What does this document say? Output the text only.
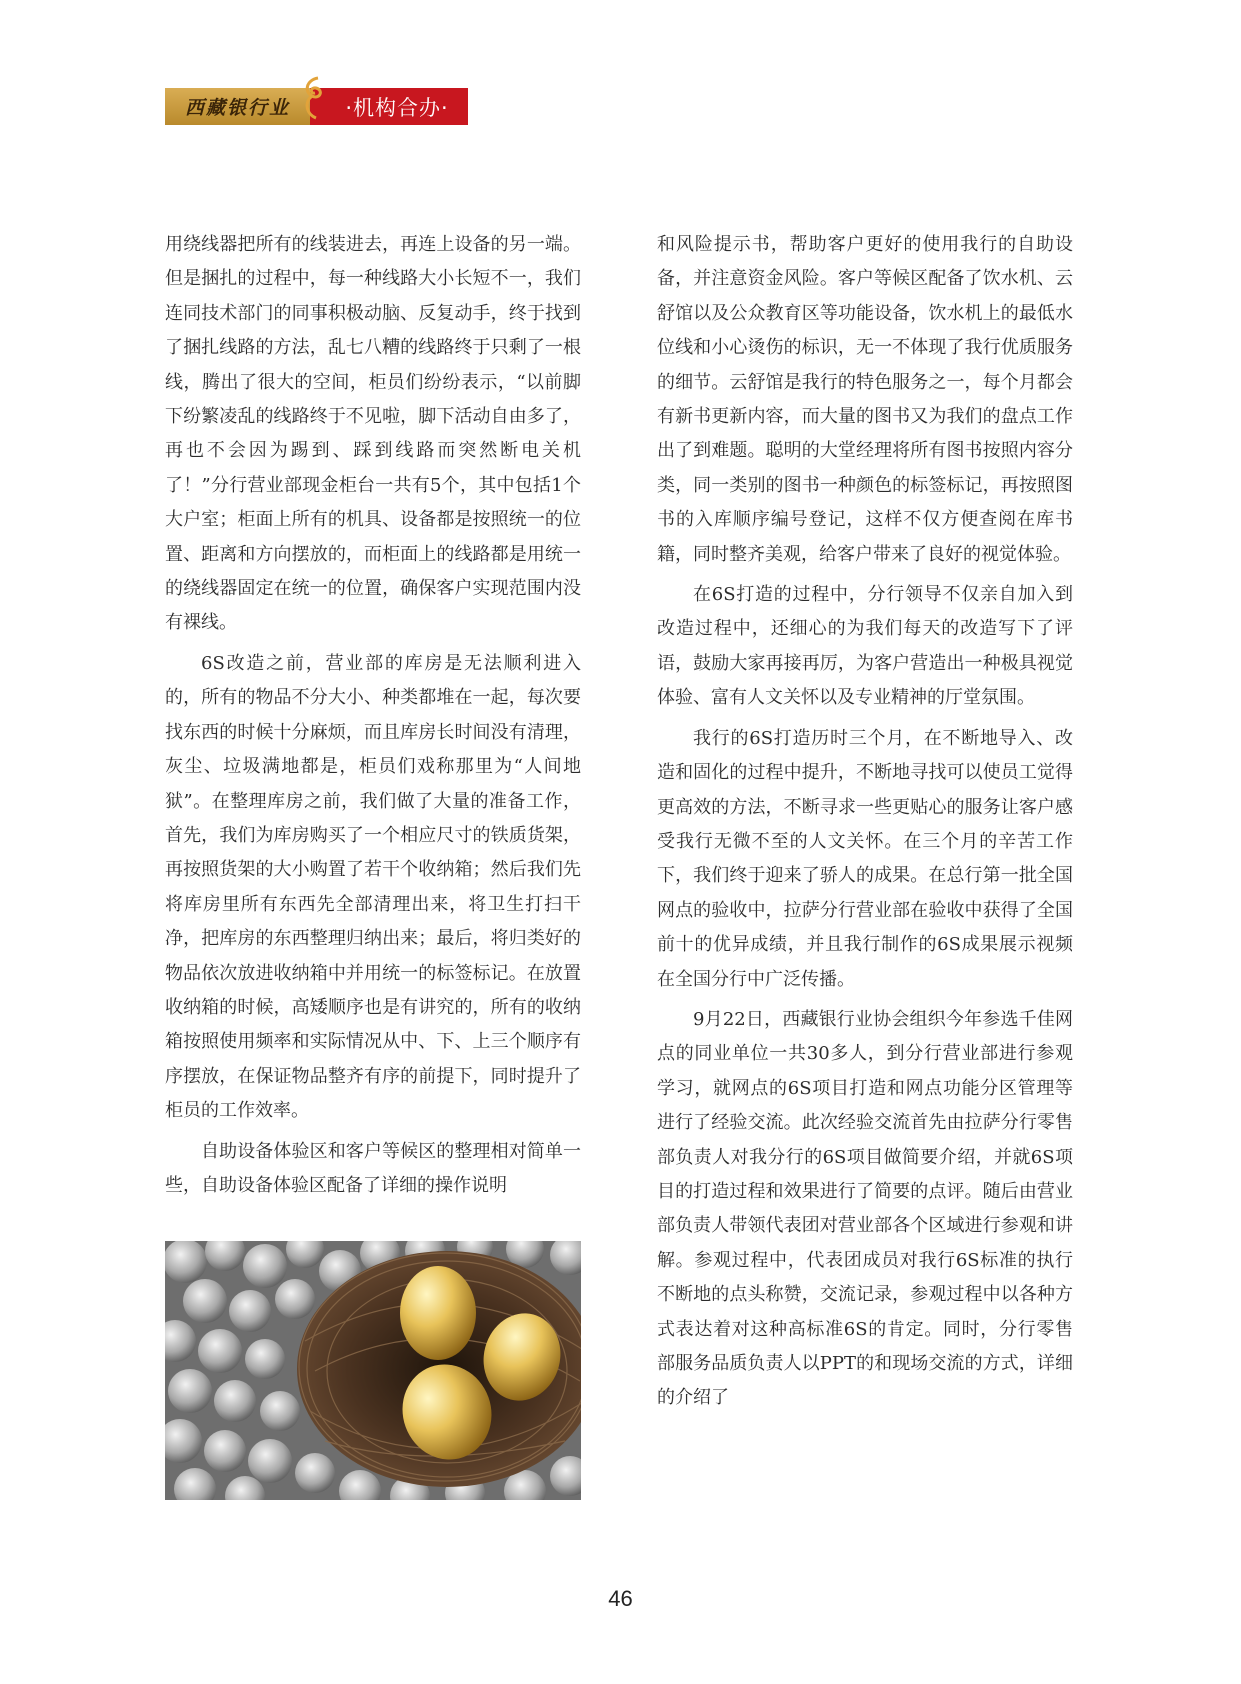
西藏银行业	·机构合办·

用绕线器把所有的线装进去，再连上设备的另一端。但是捆扎的过程中，每一种线路大小长短不一，我们连同技术部门的同事积极动脑、反复动手，终于找到了捆扎线路的方法，乱七八糟的线路终于只剩了一根线，腾出了很大的空间，柜员们纷纷表示，“以前脚下纷繁凌乱的线路终于不见啦，脚下活动自由多了，再也不会因为踢到、踩到线路而突然断电关机了！”分行营业部现金柜台一共有5个，其中包括1个大户室；柜面上所有的机具、设备都是按照统一的位置、距离和方向摆放的，而柜面上的线路都是用统一的绕线器固定在统一的位置，确保客户实现范围内没有裸线。

6S改造之前，营业部的库房是无法顺利进入的，所有的物品不分大小、种类都堆在一起，每次要找东西的时候十分麻烦，而且库房长时间没有清理，灰尘、垃圾满地都是，柜员们戏称那里为“人间地狱”。在整理库房之前，我们做了大量的准备工作，首先，我们为库房购买了一个相应尺寸的铁质货架，再按照货架的大小购置了若干个收纳箱；然后我们先将库房里所有东西先全部清理出来，将卫生打扫干净，把库房的东西整理归纳出来；最后，将归类好的物品依次放进收纳箱中并用统一的标签标记。在放置收纳箱的时候，高矮顺序也是有讲究的，所有的收纳箱按照使用频率和实际情况从中、下、上三个顺序有序摆放，在保证物品整齐有序的前提下，同时提升了柜员的工作效率。

自助设备体验区和客户等候区的整理相对简单一些，自助设备体验区配备了详细的操作说明

和风险提示书，帮助客户更好的使用我行的自助设备，并注意资金风险。客户等候区配备了饮水机、云舒馆以及公众教育区等功能设备，饮水机上的最低水位线和小心烫伤的标识，无一不体现了我行优质服务的细节。云舒馆是我行的特色服务之一，每个月都会有新书更新内容，而大量的图书又为我们的盘点工作出了到难题。聪明的大堂经理将所有图书按照内容分类，同一类别的图书一种颜色的标签标记，再按照图书的入库顺序编号登记，这样不仅方便查阅在库书籍，同时整齐美观，给客户带来了良好的视觉体验。

在6S打造的过程中，分行领导不仅亲自加入到改造过程中，还细心的为我们每天的改造写下了评语，鼓励大家再接再厉，为客户营造出一种极具视觉体验、富有人文关怀以及专业精神的厅堂氛围。

我行的6S打造历时三个月，在不断地导入、改造和固化的过程中提升，不断地寻找可以使员工觉得更高效的方法，不断寻求一些更贴心的服务让客户感受我行无微不至的人文关怀。在三个月的辛苦工作下，我们终于迎来了骄人的成果。在总行第一批全国网点的验收中，拉萨分行营业部在验收中获得了全国前十的优异成绩，并且我行制作的6S成果展示视频在全国分行中广泛传播。

9月22日，西藏银行业协会组织今年参选千佳网点的同业单位一共30多人，到分行营业部进行参观学习，就网点的6S项目打造和网点功能分区管理等进行了经验交流。此次经验交流首先由拉萨分行零售部负责人对我分行的6S项目做简要介绍，并就6S项目的打造过程和效果进行了简要的点评。随后由营业部负责人带领代表团对营业部各个区域进行参观和讲解。参观过程中，代表团成员对我行6S标准的执行不断地的点头称赞，交流记录，参观过程中以各种方式表达着对这种高标准6S的肯定。同时，分行零售部服务品质负责人以PPT的和现场交流的方式，详细的介绍了

46
